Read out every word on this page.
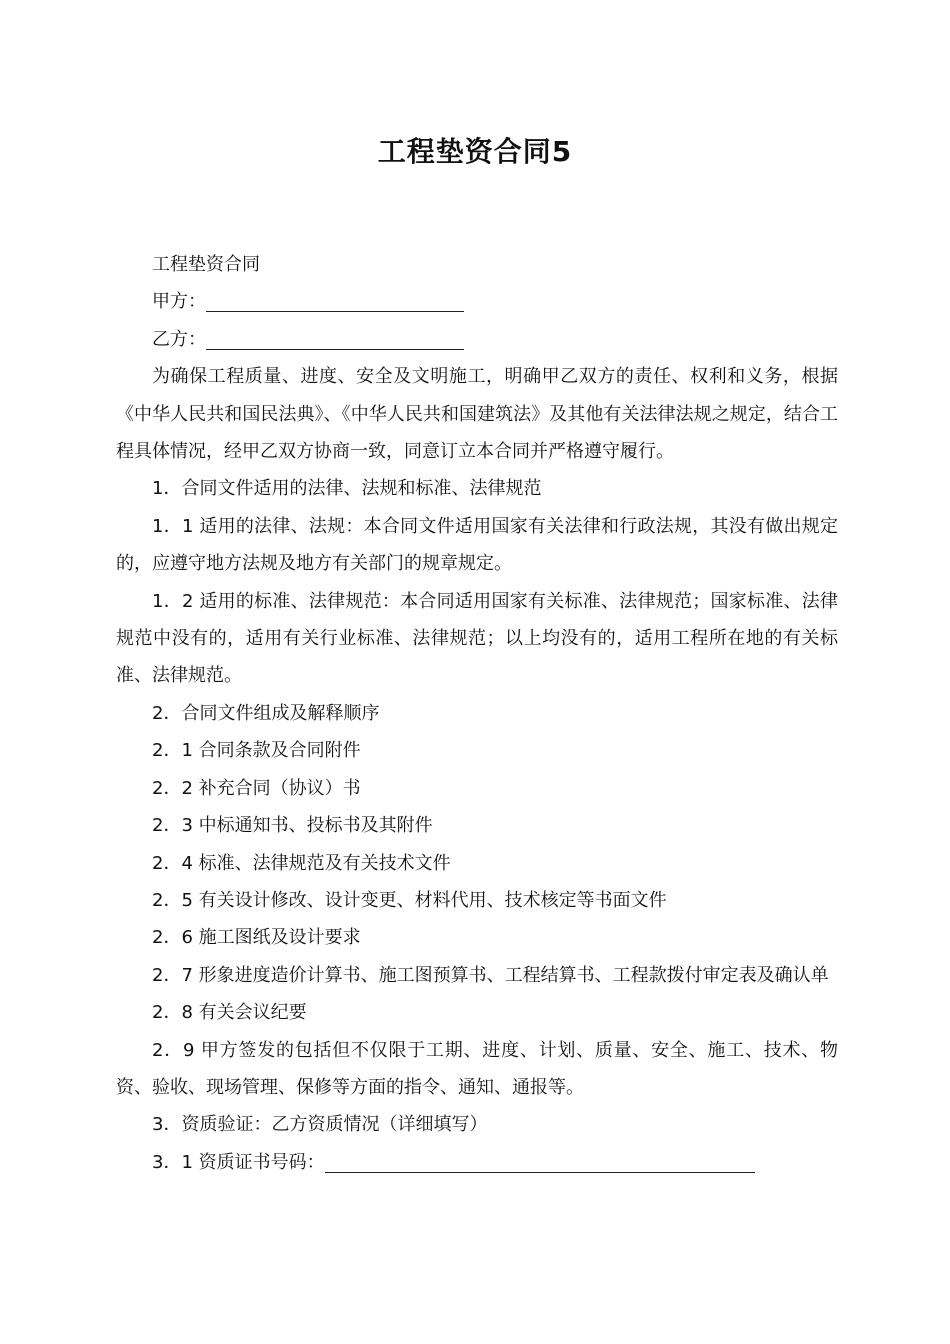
工程垫资合同5

工程垫资合同

甲方：

乙方：

为确保工程质量、进度、安全及文明施工，明确甲乙双方的责任、权利和义务，根据《中华人民共和国民法典》、《中华人民共和国建筑法》及其他有关法律法规之规定，结合工程具体情况，经甲乙双方协商一致，同意订立本合同并严格遵守履行。

1．合同文件适用的法律、法规和标准、法律规范

1．1 适用的法律、法规：本合同文件适用国家有关法律和行政法规，其没有做出规定的，应遵守地方法规及地方有关部门的规章规定。

1．2 适用的标准、法律规范：本合同适用国家有关标准、法律规范；国家标准、法律规范中没有的，适用有关行业标准、法律规范；以上均没有的，适用工程所在地的有关标准、法律规范。

2．合同文件组成及解释顺序

2．1 合同条款及合同附件

2．2 补充合同（协议）书

2．3 中标通知书、投标书及其附件

2．4 标准、法律规范及有关技术文件

2．5 有关设计修改、设计变更、材料代用、技术核定等书面文件

2．6 施工图纸及设计要求

2．7 形象进度造价计算书、施工图预算书、工程结算书、工程款拨付审定表及确认单

2．8 有关会议纪要

2．9 甲方签发的包括但不仅限于工期、进度、计划、质量、安全、施工、技术、物资、验收、现场管理、保修等方面的指令、通知、通报等。

3．资质验证：乙方资质情况（详细填写）

3．1 资质证书号码：
